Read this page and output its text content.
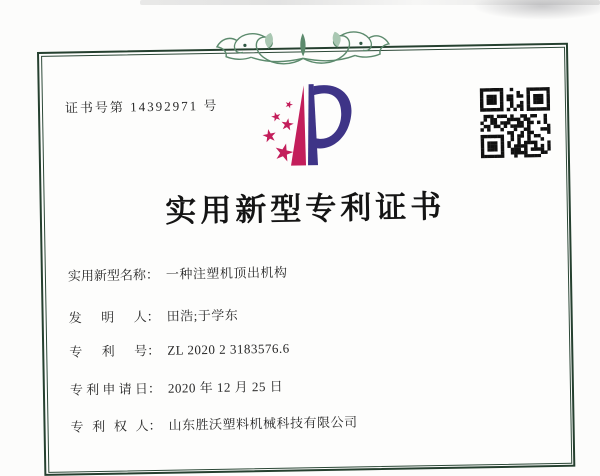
证书号第 14392971 号
实用新型专利证书
实用新型名称： 一种注塑机顶出机构
发明人： 田浩;于学东
专利号： ZL 2020 2 3183576.6
专利申请日： 2020 年 12 月 25 日
专利权人： 山东胜沃塑料机械科技有限公司
